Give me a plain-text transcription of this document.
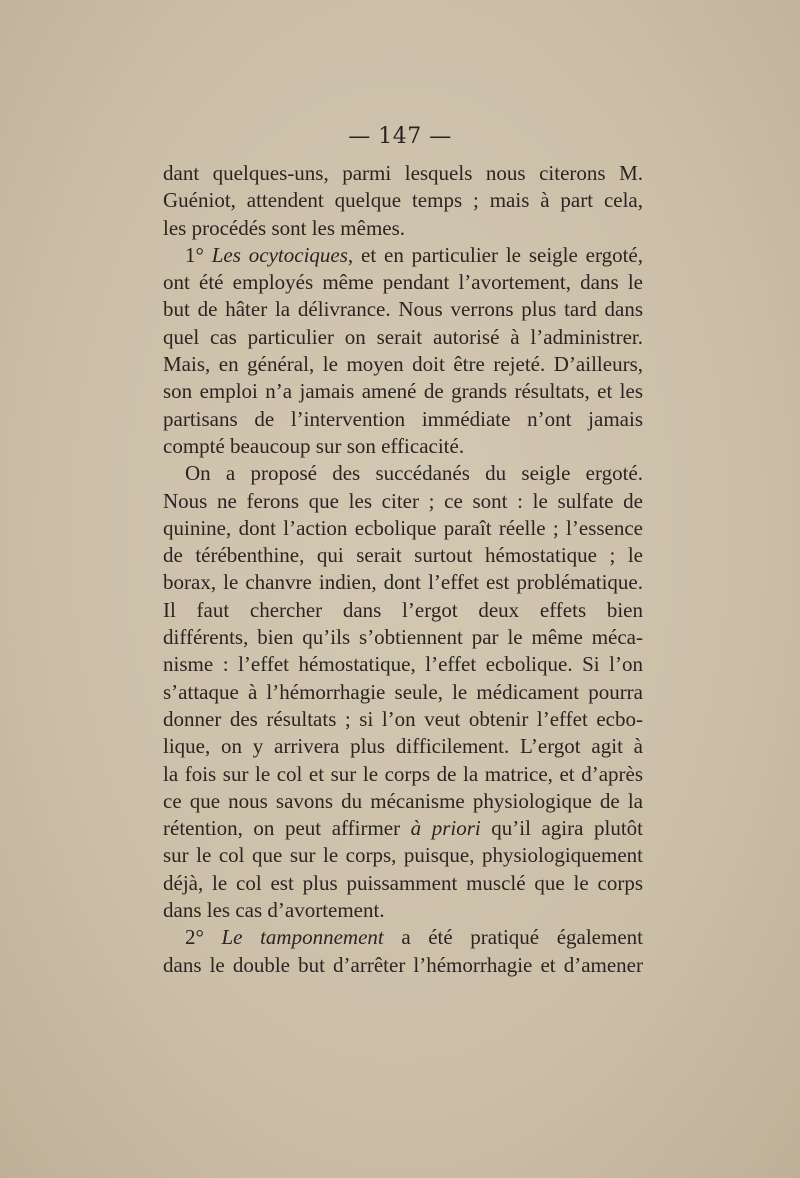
— 147 —
dant quelques-uns, parmi lesquels nous citerons M.
Guéniot, attendent quelque temps ; mais à part cela,
les procédés sont les mêmes.
1° Les ocytociques, et en particulier le seigle ergoté,
ont été employés même pendant l’avortement, dans le
but de hâter la délivrance. Nous verrons plus tard dans
quel cas particulier on serait autorisé à l’administrer.
Mais, en général, le moyen doit être rejeté. D’ailleurs,
son emploi n’a jamais amené de grands résultats, et les
partisans de l’intervention immédiate n’ont jamais
compté beaucoup sur son efficacité.
On a proposé des succédanés du seigle ergoté.
Nous ne ferons que les citer ; ce sont : le sulfate de
quinine, dont l’action ecbolique paraît réelle ; l’essence
de térébenthine, qui serait surtout hémostatique ; le
borax, le chanvre indien, dont l’effet est problématique.
Il faut chercher dans l’ergot deux effets bien
différents, bien qu’ils s’obtiennent par le même méca-
nisme : l’effet hémostatique, l’effet ecbolique. Si l’on
s’attaque à l’hémorrhagie seule, le médicament pourra
donner des résultats ; si l’on veut obtenir l’effet ecbo-
lique, on y arrivera plus difficilement. L’ergot agit à
la fois sur le col et sur le corps de la matrice, et d’après
ce que nous savons du mécanisme physiologique de la
rétention, on peut affirmer à priori qu’il agira plutôt
sur le col que sur le corps, puisque, physiologiquement
déjà, le col est plus puissamment musclé que le corps
dans les cas d’avortement.
2° Le tamponnement a été pratiqué également
dans le double but d’arrêter l’hémorrhagie et d’amener
